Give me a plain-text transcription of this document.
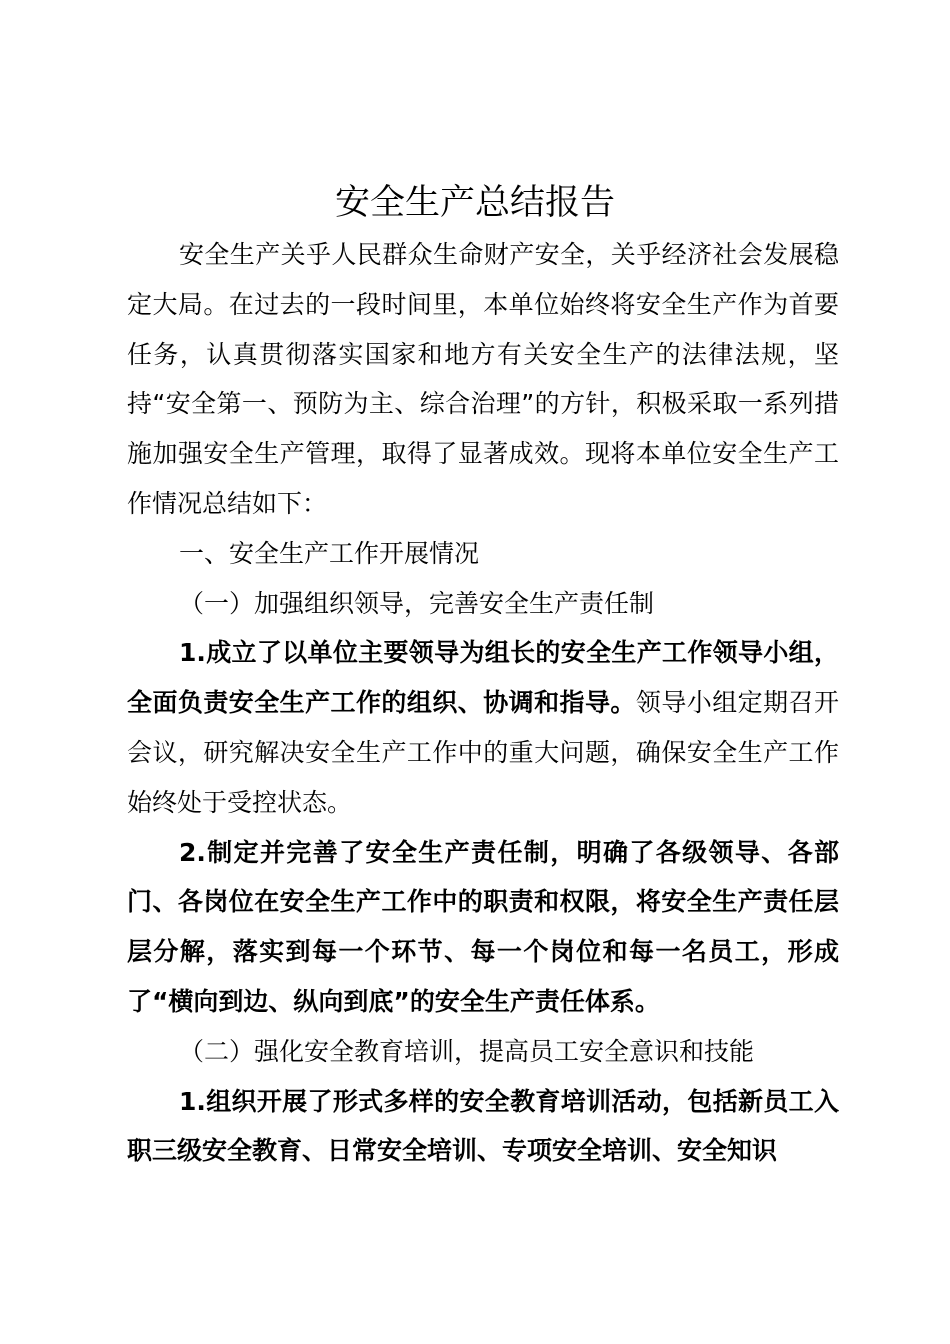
安全生产总结报告

安全生产关乎人民群众生命财产安全，关乎经济社会发展稳定大局。在过去的一段时间里，本单位始终将安全生产作为首要任务，认真贯彻落实国家和地方有关安全生产的法律法规，坚持“安全第一、预防为主、综合治理”的方针，积极采取一系列措施加强安全生产管理，取得了显著成效。现将本单位安全生产工作情况总结如下：

一、安全生产工作开展情况

（一）加强组织领导，完善安全生产责任制

1.成立了以单位主要领导为组长的安全生产工作领导小组，全面负责安全生产工作的组织、协调和指导。领导小组定期召开会议，研究解决安全生产工作中的重大问题，确保安全生产工作始终处于受控状态。

2.制定并完善了安全生产责任制，明确了各级领导、各部门、各岗位在安全生产工作中的职责和权限，将安全生产责任层层分解，落实到每一个环节、每一个岗位和每一名员工，形成了“横向到边、纵向到底”的安全生产责任体系。

（二）强化安全教育培训，提高员工安全意识和技能

1.组织开展了形式多样的安全教育培训活动，包括新员工入职三级安全教育、日常安全培训、专项安全培训、安全知识
